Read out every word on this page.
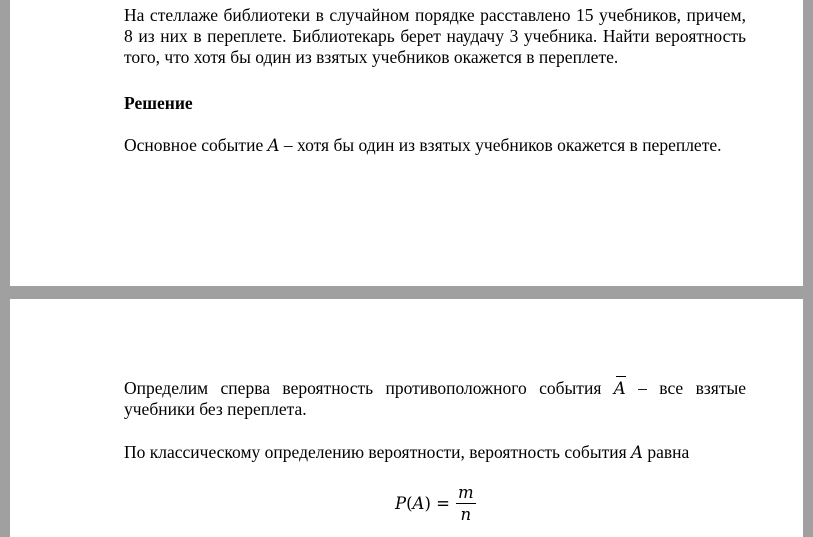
На стеллаже библиотеки в случайном порядке расставлено 15 учебников, причем, 8 из них в переплете. Библиотекарь берет наудачу 3 учебника. Найти вероятность того, что хотя бы один из взятых учебников окажется в переплете.

Решение

Основное событие A – хотя бы один из взятых учебников окажется в переплете.

Определим сперва вероятность противоположного события A – все взятые учебники без переплета.

По классическому определению вероятности, вероятность события A равна

$P(A) = \frac{m}{n}$
